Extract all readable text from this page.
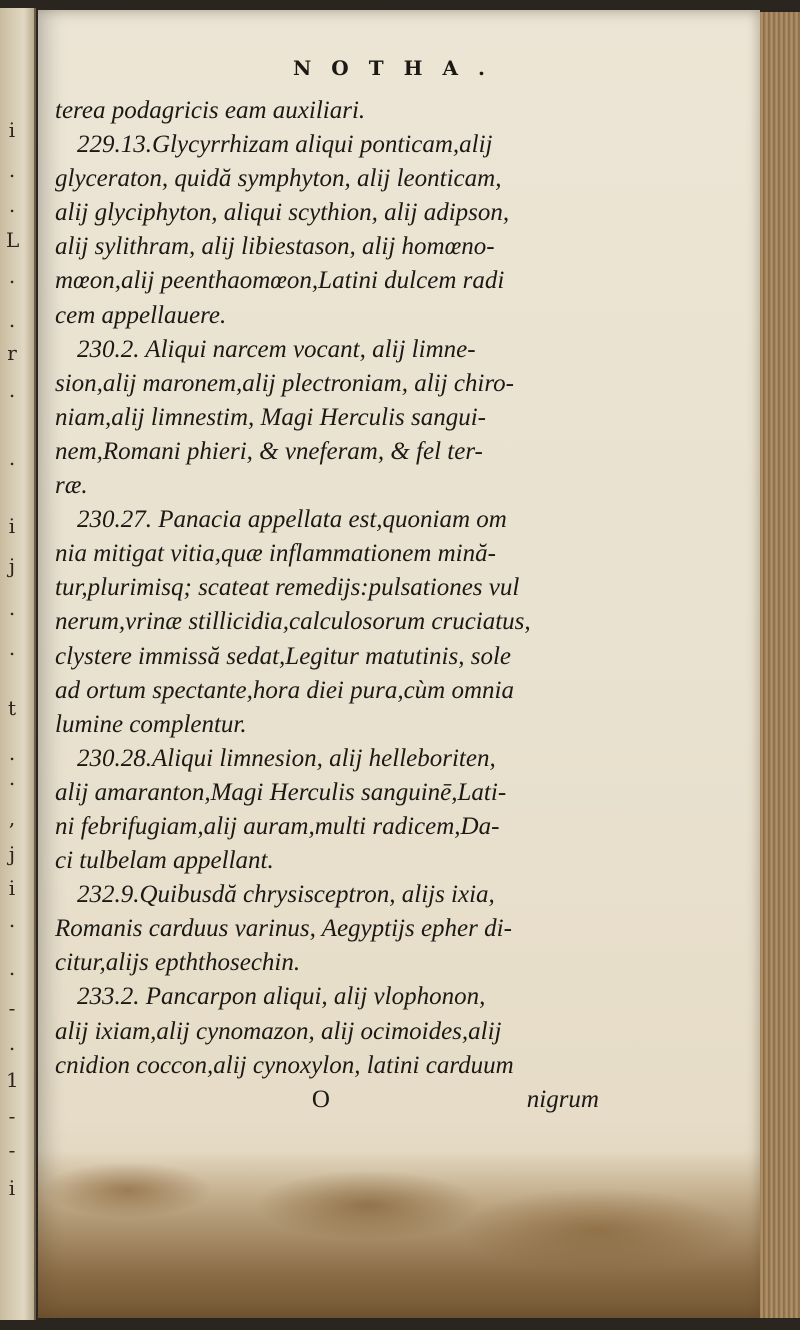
i
.
.
L
.
.
r
.
.
i
j
.
.
t
.
.
,
j
i
.
.
-
.
1
-
-
i
NOTHA.
terea podagricis eam auxiliari.
229.13.Glycyrrhizam aliqui ponticam,alij
glyceraton, quidă symphyton, alij leonticam,
alij glyciphyton, aliqui scythion, alij adipson,
alij sylithram, alij libiestason, alij homœno-
mœon,alij peenthaomœon,Latini dulcem radi
cem appellauere.
230.2. Aliqui narcem vocant, alij limne-
sion,alij maronem,alij plectroniam, alij chiro-
niam,alij limnestim, Magi Herculis sangui-
nem,Romani phieri, & vneferam, & fel ter-
ræ.
230.27. Panacia appellata est,quoniam om
nia mitigat vitia,quæ inflammationem mină-
tur,plurimisq; scateat remedijs:pulsationes vul
nerum,vrinæ stillicidia,calculosorum cruciatus,
clystere immissă sedat,Legitur matutinis, sole
ad ortum spectante,hora diei pura,cùm omnia
lumine complentur.
230.28.Aliqui limnesion, alij helleboriten,
alij amaranton,Magi Herculis sanguinē,Lati-
ni febrifugiam,alij auram,multi radicem,Da-
ci tulbelam appellant.
232.9.Quibusdă chrysisceptron, alijs ixia,
Romanis carduus varinus, Aegyptijs epher di-
citur,alijs epththosechin.
233.2. Pancarpon aliqui, alij vlophonon,
alij ixiam,alij cynomazon, alij ocimoides,alij
cnidion coccon,alij cynoxylon, latini carduum
O	nigrum
